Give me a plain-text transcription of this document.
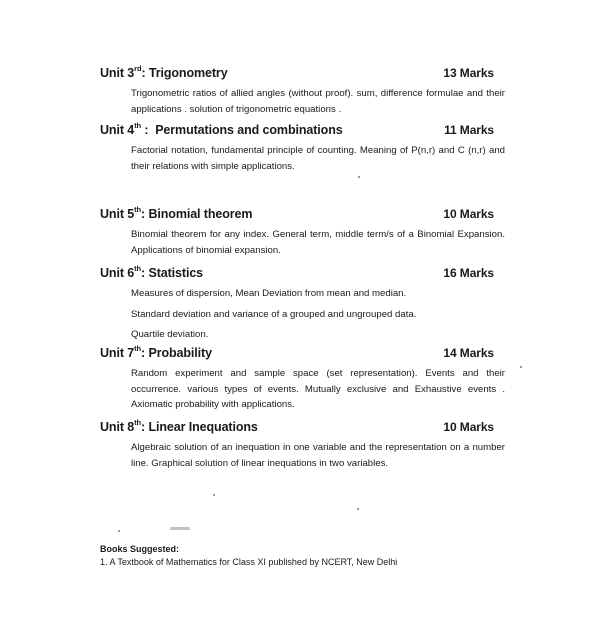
Unit 3rd: Trigonometry	13 Marks

Trigonometric ratios of allied angles (without proof). sum, difference formulae and their applications . solution of trigonometric equations .

Unit 4th :  Permutations and combinations	11 Marks

Factorial notation, fundamental principle of counting. Meaning of P(n,r) and C (n,r) and their relations with simple applications.

Unit 5th: Binomial theorem	10 Marks

Binomial theorem for any index. General term, middle term/s of a Binomial Expansion. Applications of binomial expansion.

Unit 6th: Statistics	16 Marks

Measures of dispersion, Mean Deviation from mean and median.

Standard deviation and variance of a grouped and ungrouped data.

Quartile deviation.

Unit 7th: Probability	14 Marks

Random experiment and sample space (set representation). Events and their occurrence. various types of events. Mutually exclusive and Exhaustive events . Axiomatic probability with applications.

Unit 8th: Linear Inequations	10 Marks

Algebraic solution of an inequation in one variable and the representation on a number line. Graphical solution of linear inequations in two variables.

Books Suggested:
1. A Textbook of Mathematics for Class XI published by NCERT, New Delhi
